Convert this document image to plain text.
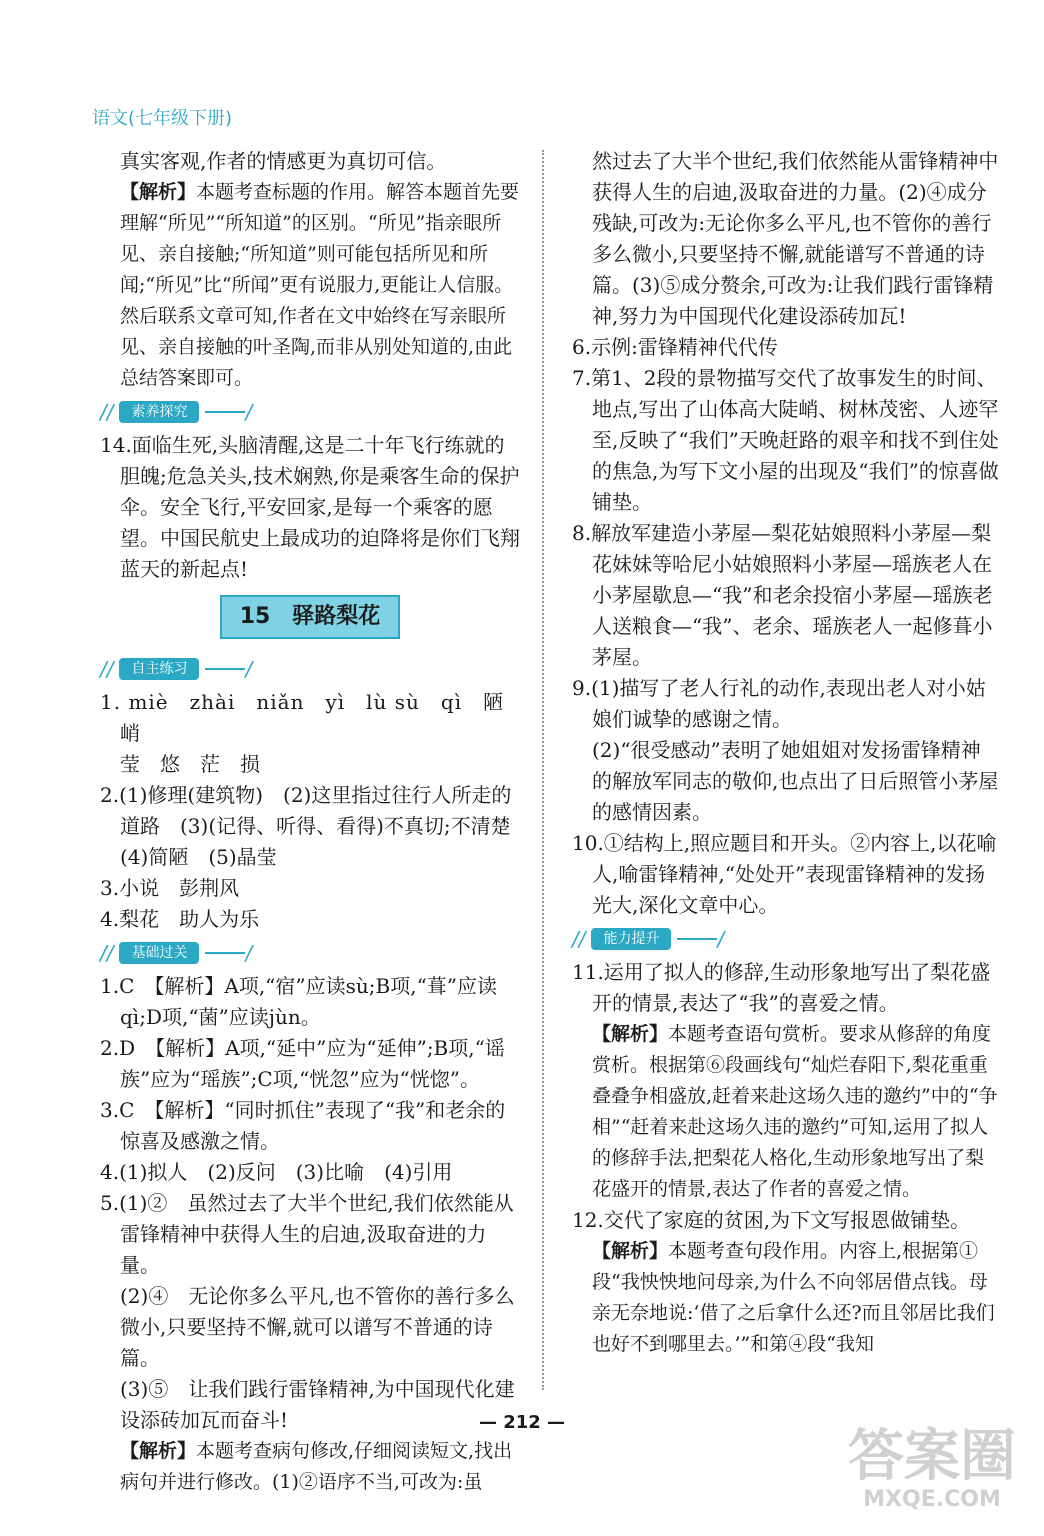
语文(七年级下册)

真实客观,作者的情感更为真切可信。

【解析】本题考查标题的作用。解答本题首先要理解“所见”“所知道”的区别。“所见”指亲眼所见、亲自接触;“所知道”则可能包括所见和所闻;“所见”比“所闻”更有说服力,更能让人信服。然后联系文章可知,作者在文中始终在写亲眼所见、亲自接触的叶圣陶,而非从别处知道的,由此总结答案即可。

//	素养探究	/

14.面临生死,头脑清醒,这是二十年飞行练就的胆魄;危急关头,技术娴熟,你是乘客生命的保护伞。安全飞行,平安回家,是每一个乘客的愿望。中国民航史上最成功的迫降将是你们飞翔蓝天的新起点!

15　驿路梨花
//	自主练习	/

1. miè　zhài　niǎn　yì　lù sù　qì　陋　峭

莹　悠　茫　损

2.(1)修理(建筑物)　(2)这里指过往行人所走的道路　(3)(记得、听得、看得)不真切;不清楚　(4)简陋　(5)晶莹

3.小说　彭荆风

4.梨花　助人为乐

//	基础过关	/

1.C　【解析】A项,“宿”应读sù;B项,“葺”应读qì;D项,“菌”应读jùn。

2.D　【解析】A项,“延中”应为“延伸”;B项,“谣族”应为“瑶族”;C项,“恍忽”应为“恍惚”。

3.C　【解析】“同时抓住”表现了“我”和老余的惊喜及感激之情。

4.(1)拟人　(2)反问　(3)比喻　(4)引用

5.(1)②　虽然过去了大半个世纪,我们依然能从雷锋精神中获得人生的启迪,汲取奋进的力量。

(2)④　无论你多么平凡,也不管你的善行多么微小,只要坚持不懈,就可以谱写不普通的诗篇。

(3)⑤　让我们践行雷锋精神,为中国现代化建设添砖加瓦而奋斗!

【解析】本题考查病句修改,仔细阅读短文,找出病句并进行修改。(1)②语序不当,可改为:虽

然过去了大半个世纪,我们依然能从雷锋精神中获得人生的启迪,汲取奋进的力量。(2)④成分残缺,可改为:无论你多么平凡,也不管你的善行多么微小,只要坚持不懈,就能谱写不普通的诗篇。(3)⑤成分赘余,可改为:让我们践行雷锋精神,努力为中国现代化建设添砖加瓦!

6.示例:雷锋精神代代传

7.第1、2段的景物描写交代了故事发生的时间、地点,写出了山体高大陡峭、树林茂密、人迹罕至,反映了“我们”天晚赶路的艰辛和找不到住处的焦急,为写下文小屋的出现及“我们”的惊喜做铺垫。

8.解放军建造小茅屋—梨花姑娘照料小茅屋—梨花妹妹等哈尼小姑娘照料小茅屋—瑶族老人在小茅屋歇息—“我”和老余投宿小茅屋—瑶族老人送粮食—“我”、老余、瑶族老人一起修葺小茅屋。

9.(1)描写了老人行礼的动作,表现出老人对小姑娘们诚挚的感谢之情。

(2)“很受感动”表明了她姐姐对发扬雷锋精神的解放军同志的敬仰,也点出了日后照管小茅屋的感情因素。

10.①结构上,照应题目和开头。②内容上,以花喻人,喻雷锋精神,“处处开”表现雷锋精神的发扬光大,深化文章中心。

//	能力提升	/

11.运用了拟人的修辞,生动形象地写出了梨花盛开的情景,表达了“我”的喜爱之情。

【解析】本题考查语句赏析。要求从修辞的角度赏析。根据第⑥段画线句“灿烂春阳下,梨花重重叠叠争相盛放,赶着来赴这场久违的邀约”中的“争相”“赶着来赴这场久违的邀约”可知,运用了拟人的修辞手法,把梨花人格化,生动形象地写出了梨花盛开的情景,表达了作者的喜爱之情。

12.交代了家庭的贫困,为下文写报恩做铺垫。

【解析】本题考查句段作用。内容上,根据第①段“我怏怏地问母亲,为什么不向邻居借点钱。母亲无奈地说:‘借了之后拿什么还?而且邻居比我们也好不到哪里去。’”和第④段“我知

— 212 —
答案圈
MXQE.COM
